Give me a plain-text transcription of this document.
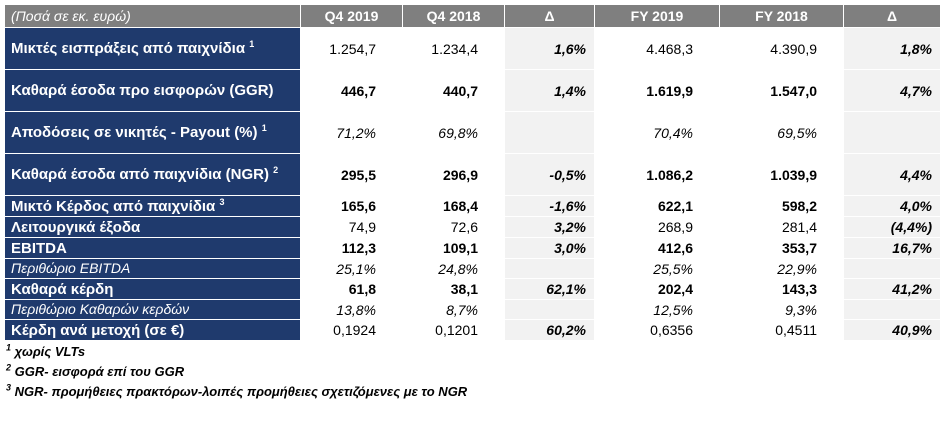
(Ποσά σε εκ. ευρώ)	Q4 2019	Q4 2018	Δ	FY 2019	FY 2018	Δ
Μικτές εισπράξεις από παιχνίδια $^1$	1.254,7	1.234,4	1,6%	4.468,3	4.390,9	1,8%
Καθαρά έσοδα προ εισφορών (GGR)	446,7	440,7	1,4%	1.619,9	1.547,0	4,7%
Αποδόσεις σε νικητές - Payout (%) $^1$	71,2%	69,8%		70,4%	69,5%	
Καθαρά έσοδα από παιχνίδια (NGR) $^2$	295,5	296,9	-0,5%	1.086,2	1.039,9	4,4%
Μικτό Κέρδος από παιχνίδια $^3$	165,6	168,4	-1,6%	622,1	598,2	4,0%
Λειτουργικά έξοδα	74,9	72,6	3,2%	268,9	281,4	(4,4%)
EBITDA	112,3	109,1	3,0%	412,6	353,7	16,7%
Περιθώριο EBITDA	25,1%	24,8%		25,5%	22,9%	
Καθαρά κέρδη	61,8	38,1	62,1%	202,4	143,3	41,2%
Περιθώριο Καθαρών κερδών	13,8%	8,7%		12,5%	9,3%	
Κέρδη ανά μετοχή (σε €)	0,1924	0,1201	60,2%	0,6356	0,4511	40,9%
$^1$ χωρίς VLTs
$^2$ GGR- εισφορά επί του GGR
$^3$ NGR- προμήθειες πρακτόρων-λοιπές προμήθειες σχετιζόμενες με το NGR
